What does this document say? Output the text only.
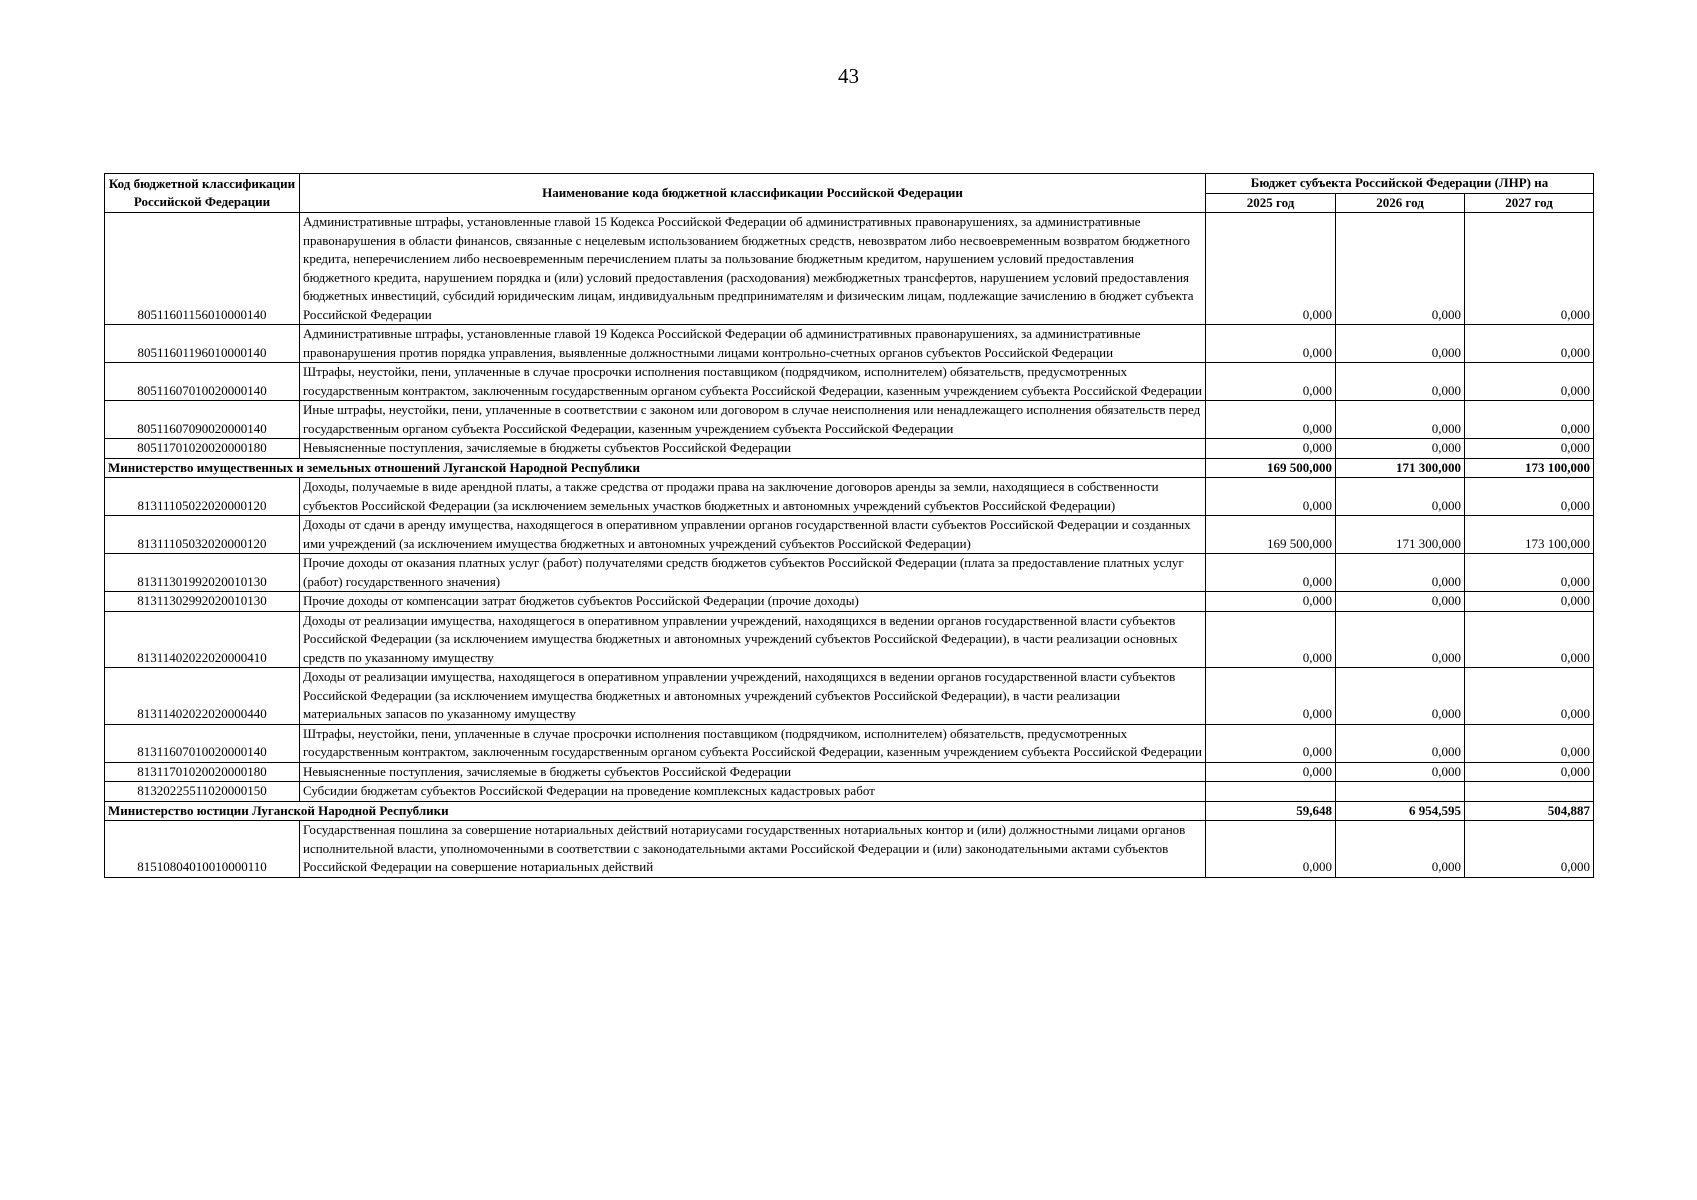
43
Код бюджетной классификации Российской Федерации	Наименование кода бюджетной классификации Российской Федерации	Бюджет субъекта Российской Федерации (ЛНР) на		
		2025 год	2026 год	2027 год
80511601156010000140	Административные штрафы, установленные главой 15 Кодекса Российской Федерации об административных правонарушениях, за административные правонарушения в области финансов, связанные с нецелевым использованием бюджетных средств, невозвратом либо несвоевременным возвратом бюджетного кредита, неперечислением либо несвоевременным перечислением платы за пользование бюджетным кредитом, нарушением условий предоставления бюджетного кредита, нарушением порядка и (или) условий предоставления (расходования) межбюджетных трансфертов, нарушением условий предоставления бюджетных инвестиций, субсидий юридическим лицам, индивидуальным предпринимателям и физическим лицам, подлежащие зачислению в бюджет субъекта Российской Федерации	0,000	0,000	0,000
80511601196010000140	Административные штрафы, установленные главой 19 Кодекса Российской Федерации об административных правонарушениях, за административные правонарушения против порядка управления, выявленные должностными лицами контрольно-счетных органов субъектов Российской Федерации	0,000	0,000	0,000
80511607010020000140	Штрафы, неустойки, пени, уплаченные в случае просрочки исполнения поставщиком (подрядчиком, исполнителем) обязательств, предусмотренных государственным контрактом, заключенным государственным органом субъекта Российской Федерации, казенным учреждением субъекта Российской Федерации	0,000	0,000	0,000
80511607090020000140	Иные штрафы, неустойки, пени, уплаченные в соответствии с законом или договором в случае неисполнения или ненадлежащего исполнения обязательств перед государственным органом субъекта Российской Федерации, казенным учреждением субъекта Российской Федерации	0,000	0,000	0,000
80511701020020000180	Невыясненные поступления, зачисляемые в бюджеты субъектов Российской Федерации	0,000	0,000	0,000
Министерство имущественных и земельных отношений Луганской Народной Республики		169 500,000	171 300,000	173 100,000
81311105022020000120	Доходы, получаемые в виде арендной платы, а также средства от продажи права на заключение договоров аренды за земли, находящиеся в собственности субъектов Российской Федерации (за исключением земельных участков бюджетных и автономных учреждений субъектов Российской Федерации)	0,000	0,000	0,000
81311105032020000120	Доходы от сдачи в аренду имущества, находящегося в оперативном управлении органов государственной власти субъектов Российской Федерации и созданных ими учреждений (за исключением имущества бюджетных и автономных учреждений субъектов Российской Федерации)	169 500,000	171 300,000	173 100,000
81311301992020010130	Прочие доходы от оказания платных услуг (работ) получателями средств бюджетов субъектов Российской Федерации (плата за предоставление платных услуг (работ) государственного значения)	0,000	0,000	0,000
81311302992020010130	Прочие доходы от компенсации затрат бюджетов субъектов Российской Федерации (прочие доходы)	0,000	0,000	0,000
81311402022020000410	Доходы от реализации имущества, находящегося в оперативном управлении учреждений, находящихся в ведении органов государственной власти субъектов Российской Федерации (за исключением имущества бюджетных и автономных учреждений субъектов Российской Федерации), в части реализации основных средств по указанному имуществу	0,000	0,000	0,000
81311402022020000440	Доходы от реализации имущества, находящегося в оперативном управлении учреждений, находящихся в ведении органов государственной власти субъектов Российской Федерации (за исключением имущества бюджетных и автономных учреждений субъектов Российской Федерации), в части реализации материальных запасов по указанному имуществу	0,000	0,000	0,000
81311607010020000140	Штрафы, неустойки, пени, уплаченные в случае просрочки исполнения поставщиком (подрядчиком, исполнителем) обязательств, предусмотренных государственным контрактом, заключенным государственным органом субъекта Российской Федерации, казенным учреждением субъекта Российской Федерации	0,000	0,000	0,000
81311701020020000180	Невыясненные поступления, зачисляемые в бюджеты субъектов Российской Федерации	0,000	0,000	0,000
81320225511020000150	Субсидии бюджетам субъектов Российской Федерации на проведение комплексных кадастровых работ			
Министерство юстиции Луганской Народной Республики		59,648	6 954,595	504,887
81510804010010000110	Государственная пошлина за совершение нотариальных действий нотариусами государственных нотариальных контор и (или) должностными лицами органов исполнительной власти, уполномоченными в соответствии с законодательными актами Российской Федерации и (или) законодательными актами субъектов Российской Федерации на совершение нотариальных действий	0,000	0,000	0,000
